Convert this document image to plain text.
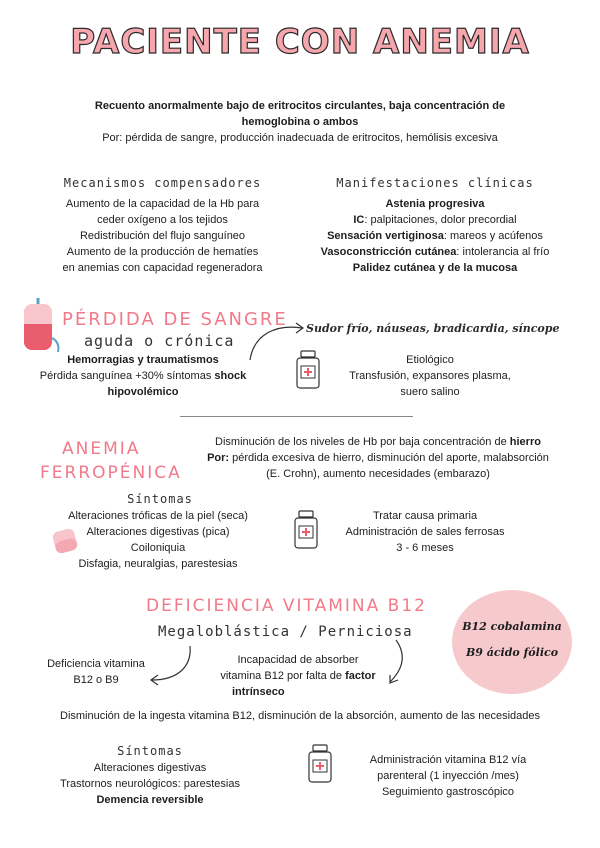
PACIENTE CON ANEMIA
Recuento anormalmente bajo de eritrocitos circulantes, baja concentración de
hemoglobina o ambos
Por: pérdida de sangre, producción inadecuada de eritrocitos, hemólisis excesiva
Mecanismos compensadores
Aumento de la capacidad de la Hb para
ceder oxígeno a los tejidos
Redistribución del flujo sanguíneo
Aumento de la producción de hematíes
en anemias con capacidad regeneradora
Manifestaciones clínicas
Astenia progresiva
IC: palpitaciones, dolor precordial
Sensación vertiginosa: mareos y acúfenos
Vasoconstricción cutánea: intolerancia al frío
Palidez cutánea y de la mucosa
PÉRDIDA DE SANGRE
aguda o crónica
Sudor frío, náuseas, bradicardia, síncope
Hemorragias y traumatismos
Pérdida sanguínea +30% síntomas shock
hipovolémico
Etiológico
Transfusión, expansores plasma,
suero salino
ANEMIA
FERROPÉNICA
Disminución de los niveles de Hb por baja concentración de hierro
Por: pérdida excesiva de hierro, disminución del aporte, malabsorción
(E. Crohn), aumento necesidades (embarazo)
Síntomas
Alteraciones tróficas de la piel (seca)
Alteraciones digestivas (pica)
Coiloniquia
Disfagia, neuralgias, parestesias
Tratar causa primaria
Administración de sales ferrosas
3 - 6 meses
DEFICIENCIA VITAMINA B12
Megaloblástica / Perniciosa	B12 cobalamina
B9 ácido fólico
Deficiencia vitamina
B12 o B9
Incapacidad de absorber
vitamina B12 por falta de factor
intrínseco
Disminución de la ingesta vitamina B12, disminución de la absorción, aumento de las necesidades
Síntomas
Alteraciones digestivas
Trastornos neurológicos: parestesias
Demencia reversible
Administración vitamina B12 vía
parenteral (1 inyección /mes)
Seguimiento gastroscópico
